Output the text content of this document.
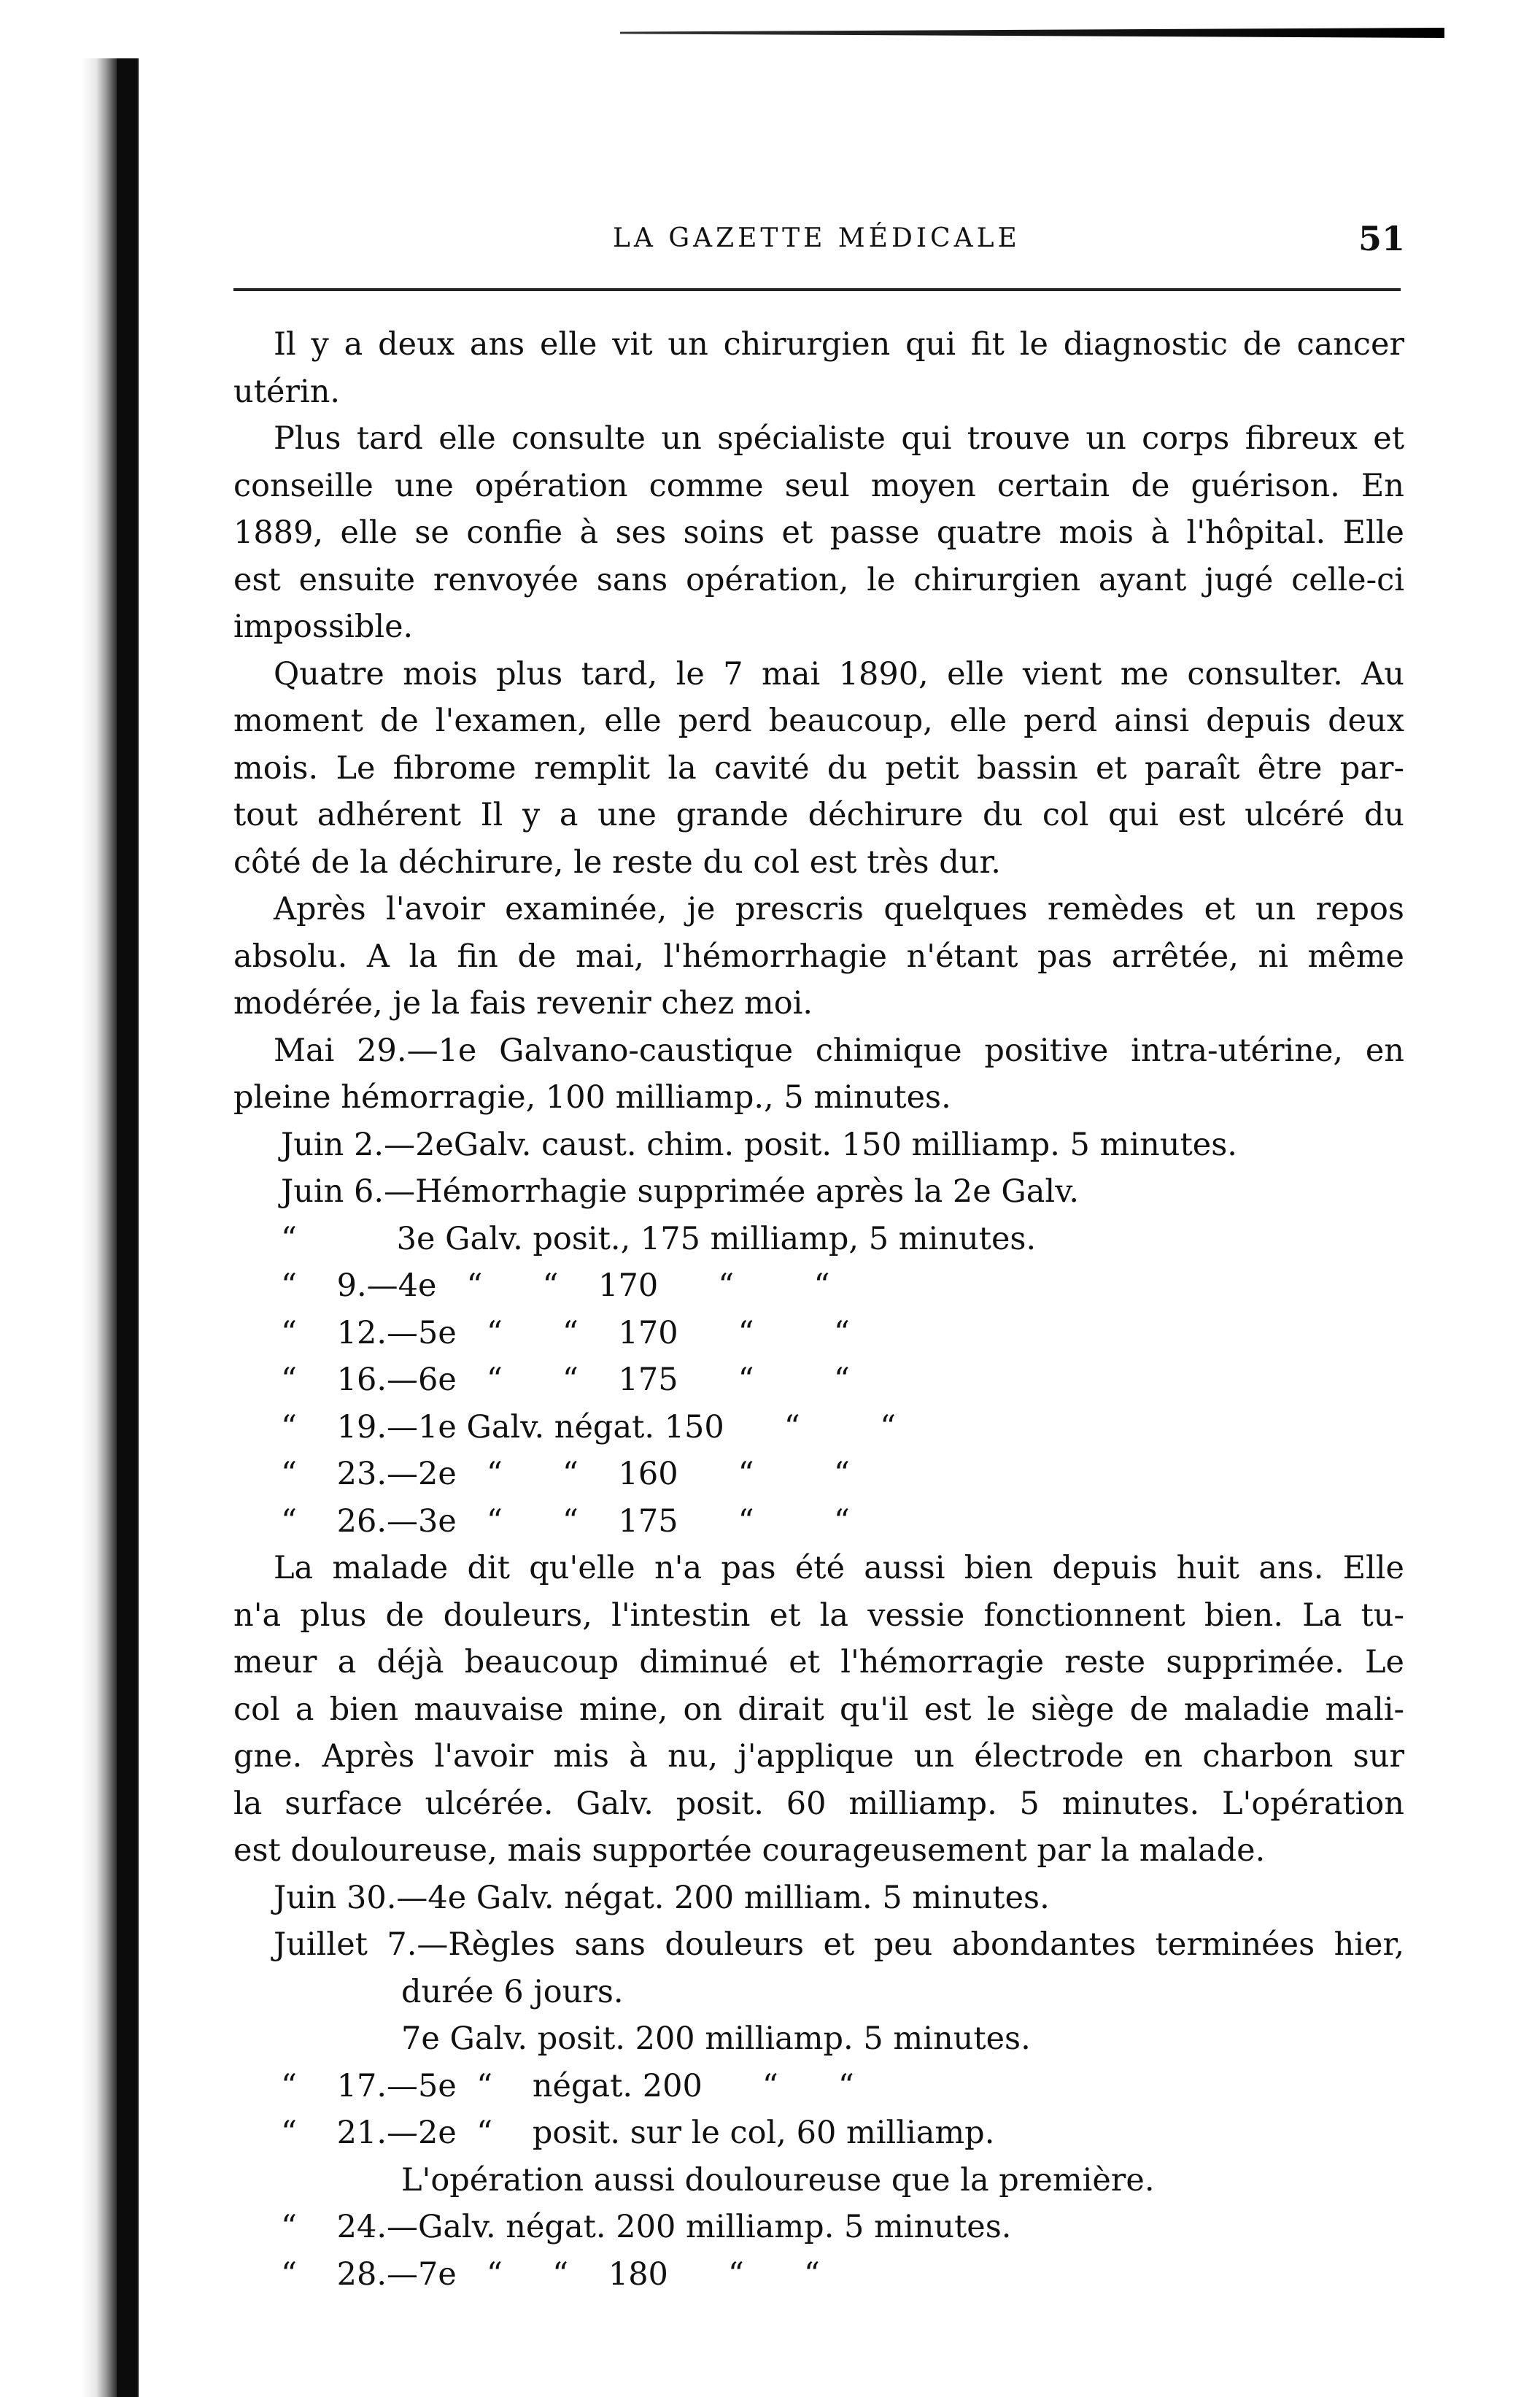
LA GAZETTE MÉDICALE	51
Il y a deux ans elle vit un chirurgien qui fit le diagnostic de cancer
utérin.
Plus tard elle consulte un spécialiste qui trouve un corps fibreux et
conseille une opération comme seul moyen certain de guérison. En
1889, elle se confie à ses soins et passe quatre mois à l'hôpital. Elle
est ensuite renvoyée sans opération, le chirurgien ayant jugé celle-ci
impossible.
Quatre mois plus tard, le 7 mai 1890, elle vient me consulter. Au
moment de l'examen, elle perd beaucoup, elle perd ainsi depuis deux
mois. Le fibrome remplit la cavité du petit bassin et paraît être par-
tout adhérent Il y a une grande déchirure du col qui est ulcéré du
côté de la déchirure, le reste du col est très dur.
Après l'avoir examinée, je prescris quelques remèdes et un repos
absolu. A la fin de mai, l'hémorrhagie n'étant pas arrêtée, ni même
modérée, je la fais revenir chez moi.
Mai 29.—1e Galvano-caustique chimique positive intra-utérine, en
pleine hémorragie, 100 milliamp., 5 minutes.
Juin 2.—2eGalv. caust. chim. posit. 150 milliamp. 5 minutes.
Juin 6.—Hémorrhagie supprimée après la 2e Galv.
“          3e Galv. posit., 175 milliamp, 5 minutes.
“    9.—4e   “      “    170      “        “
“    12.—5e   “      “    170      “        “
“    16.—6e   “      “    175      “        “
“    19.—1e Galv. négat. 150      “        “
“    23.—2e   “      “    160      “        “
“    26.—3e   “      “    175      “        “
La malade dit qu'elle n'a pas été aussi bien depuis huit ans. Elle
n'a plus de douleurs, l'intestin et la vessie fonctionnent bien. La tu-
meur a déjà beaucoup diminué et l'hémorragie reste supprimée. Le
col a bien mauvaise mine, on dirait qu'il est le siège de maladie mali-
gne. Après l'avoir mis à nu, j'applique un électrode en charbon sur
la surface ulcérée. Galv. posit. 60 milliamp. 5 minutes. L'opération
est douloureuse, mais supportée courageusement par la malade.
Juin 30.—4e Galv. négat. 200 milliam. 5 minutes.
Juillet 7.—Règles sans douleurs et peu abondantes terminées hier,
durée 6 jours.
7e Galv. posit. 200 milliamp. 5 minutes.
“    17.—5e  “    négat. 200      “      “
“    21.—2e  “    posit. sur le col, 60 milliamp.
L'opération aussi douloureuse que la première.
“    24.—Galv. négat. 200 milliamp. 5 minutes.
“    28.—7e   “     “    180      “      “
